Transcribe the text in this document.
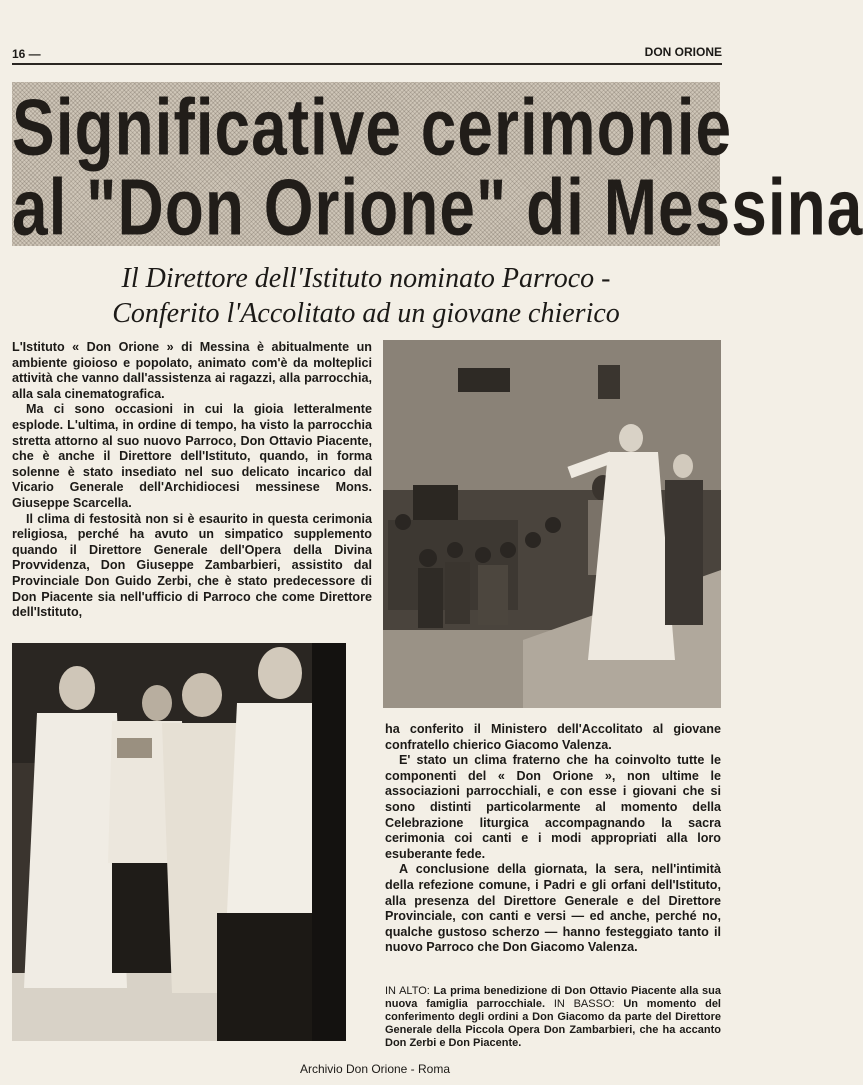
16 —	DON ORIONE
Significative cerimonie
al "Don Orione" di Messina
Il Direttore dell'Istituto nominato Parroco -
Conferito l'Accolitato ad un giovane chierico

L'Istituto « Don Orione » di Messina è abitualmente un ambiente gioioso e popolato, animato com'è da molteplici attività che vanno dall'assistenza ai ragazzi, alla parrocchia, alla sala cinematografica.

Ma ci sono occasioni in cui la gioia letteralmente esplode. L'ultima, in ordine di tempo, ha visto la parrocchia stretta attorno al suo nuovo Parroco, Don Ottavio Piacente, che è anche il Direttore dell'Istituto, quando, in forma solenne è stato insediato nel suo delicato incarico dal Vicario Generale dell'Archidiocesi messinese Mons. Giuseppe Scarcella.

Il clima di festosità non si è esaurito in questa cerimonia religiosa, perché ha avuto un simpatico supplemento quando il Direttore Generale dell'Opera della Divina Provvidenza, Don Giuseppe Zambarbieri, assistito dal Provinciale Don Guido Zerbi, che è stato predecessore di Don Piacente sia nell'ufficio di Parroco che come Direttore dell'Istituto,

ha conferito il Ministero dell'Accolitato al giovane confratello chierico Giacomo Valenza.

E' stato un clima fraterno che ha coinvolto tutte le componenti del « Don Orione », non ultime le associazioni parrocchiali, e con esse i giovani che si sono distinti particolarmente al momento della Celebrazione liturgica accompagnando la sacra cerimonia coi canti e i modi appropriati alla loro esuberante fede.

A conclusione della giornata, la sera, nell'intimità della refezione comune, i Padri e gli orfani dell'Istituto, alla presenza del Direttore Generale e del Direttore Provinciale, con canti e versi — ed anche, perché no, qualche gustoso scherzo — hanno festeggiato tanto il nuovo Parroco che Don Giacomo Valenza.

IN ALTO: La prima benedizione di Don Ottavio Piacente alla sua nuova famiglia parrocchiale. IN BASSO: Un momento del conferimento degli ordini a Don Giacomo da parte del Direttore Generale della Piccola Opera Don Zambarbieri, che ha accanto Don Zerbi e Don Piacente.
Archivio Don Orione - Roma
